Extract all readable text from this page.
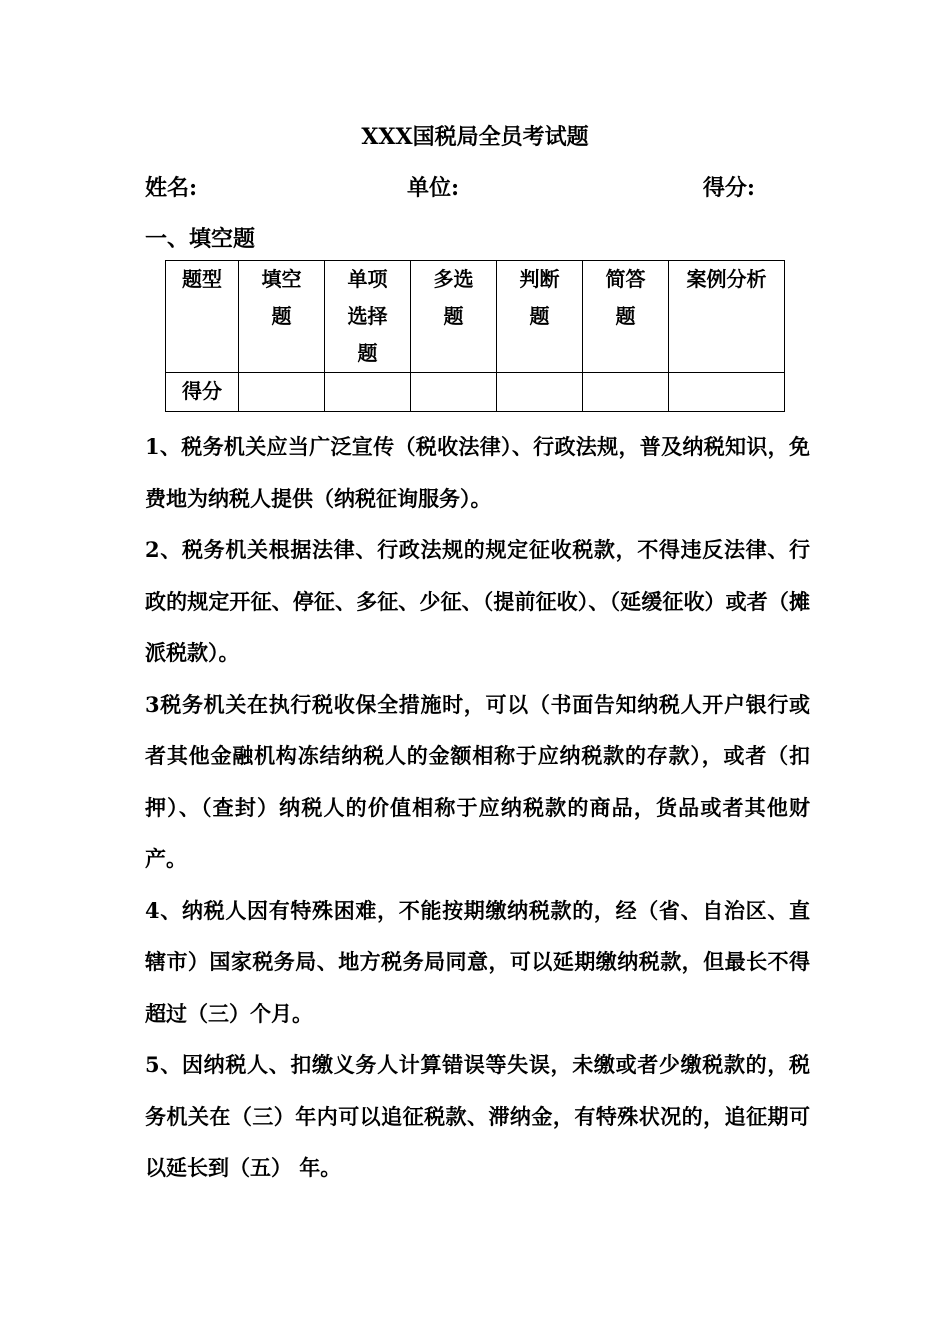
XXX国税局全员考试题
姓名:	单位:	得分:
一、填空题
题型	填空题	单项选择题	多选题	判断题	简答题	案例分析
得分						

1、税务机关应当广泛宣传（税收法律）、行政法规，普及纳税知识，免费地为纳税人提供（纳税征询服务）。

2、税务机关根据法律、行政法规的规定征收税款，不得违反法律、行政的规定开征、停征、多征、少征、（提前征收）、（延缓征收）或者（摊派税款）。

3税务机关在执行税收保全措施时，可以（书面告知纳税人开户银行或者其他金融机构冻结纳税人的金额相称于应纳税款的存款），或者（扣押）、（查封）纳税人的价值相称于应纳税款的商品，货品或者其他财产。

4、纳税人因有特殊困难，不能按期缴纳税款的，经（省、自治区、直辖市）国家税务局、地方税务局同意，可以延期缴纳税款，但最长不得超过（三）个月。

5、因纳税人、扣缴义务人计算错误等失误，未缴或者少缴税款的，税务机关在（三）年内可以追征税款、滞纳金，有特殊状况的，追征期可以延长到（五） 年。
